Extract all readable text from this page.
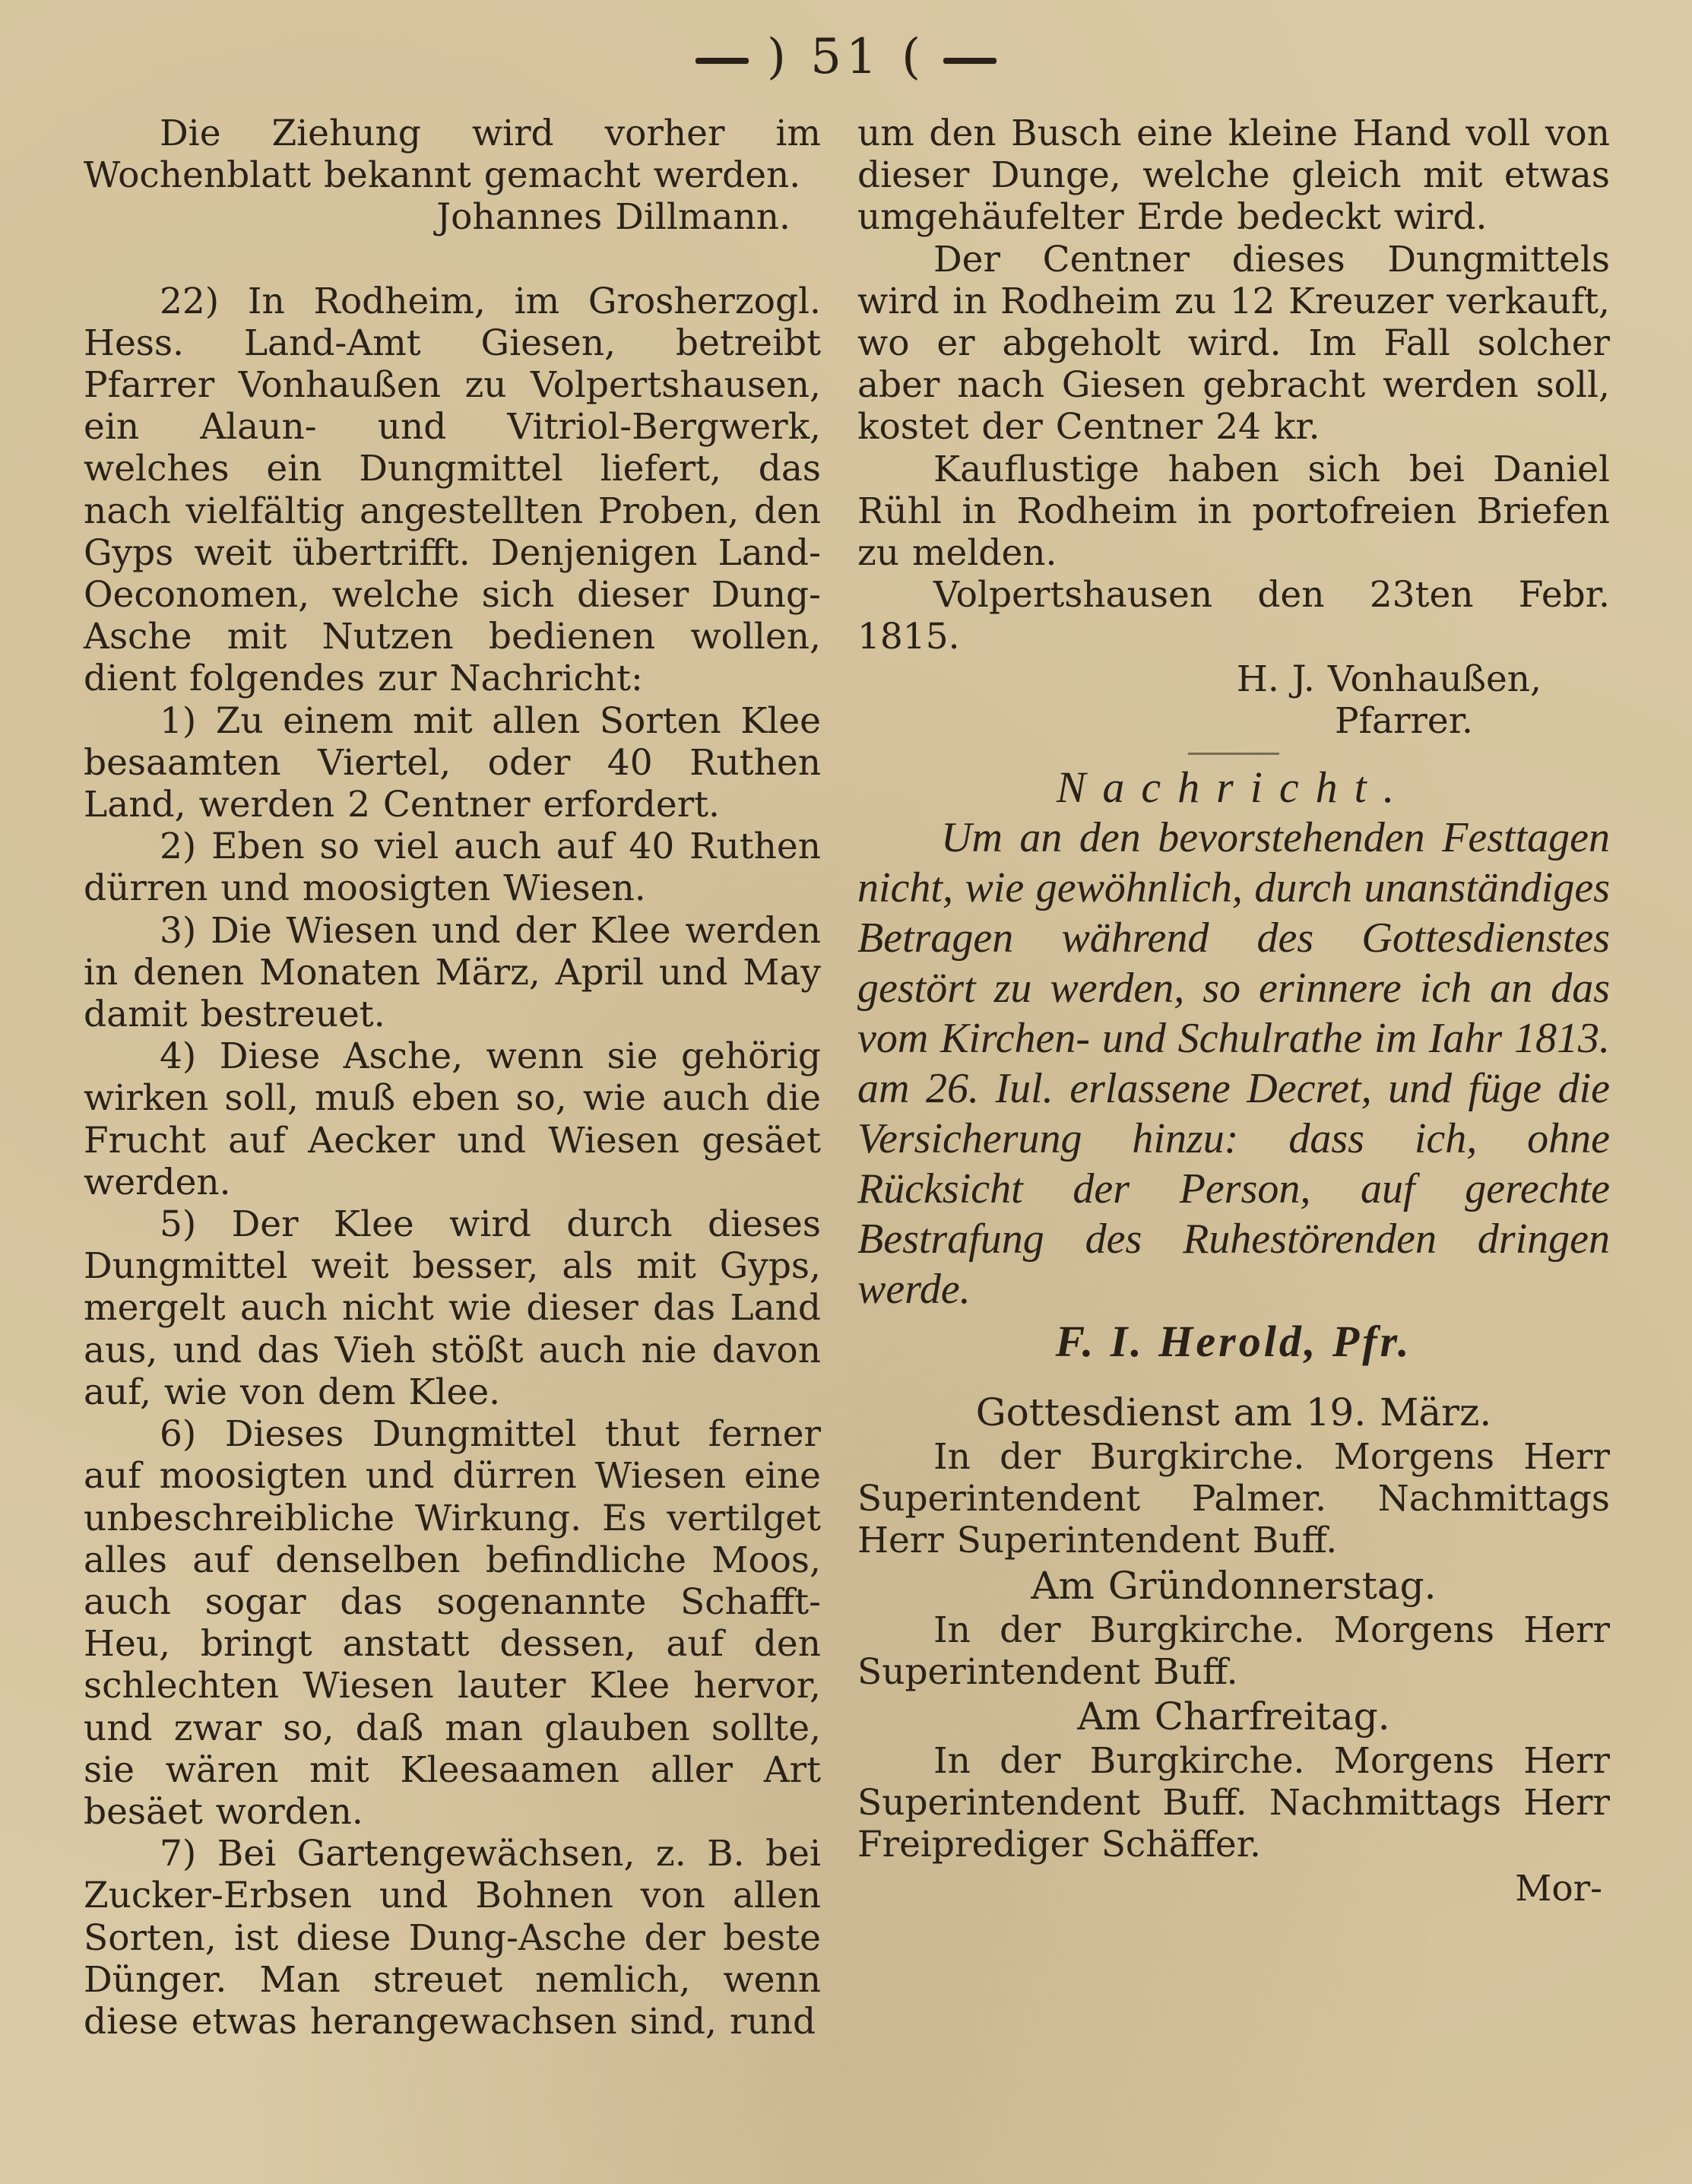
) 51 (

Die Ziehung wird vorher im Wochenblatt bekannt gemacht werden.

Johannes Dillmann.

22) In Rodheim, im Grosherzogl. Hess. Land-Amt Giesen, betreibt Pfarrer Vonhaußen zu Volpertshausen, ein Alaun- und Vitriol-Bergwerk, welches ein Dungmittel liefert, das nach vielfältig angestellten Proben, den Gyps weit übertrifft. Denjenigen Land-Oeconomen, welche sich dieser Dung-Asche mit Nutzen bedienen wollen, dient folgendes zur Nachricht:

1) Zu einem mit allen Sorten Klee besaamten Viertel, oder 40 Ruthen Land, werden 2 Centner erfordert.

2) Eben so viel auch auf 40 Ruthen dürren und moosigten Wiesen.

3) Die Wiesen und der Klee werden in denen Monaten März, April und May damit bestreuet.

4) Diese Asche, wenn sie gehörig wirken soll, muß eben so, wie auch die Frucht auf Aecker und Wiesen gesäet werden.

5) Der Klee wird durch dieses Dungmittel weit besser, als mit Gyps, mergelt auch nicht wie dieser das Land aus, und das Vieh stößt auch nie davon auf, wie von dem Klee.

6) Dieses Dungmittel thut ferner auf moosigten und dürren Wiesen eine unbeschreibliche Wirkung. Es vertilget alles auf denselben befindliche Moos, auch sogar das sogenannte Schafft-Heu, bringt anstatt dessen, auf den schlechten Wiesen lauter Klee hervor, und zwar so, daß man glauben sollte, sie wären mit Kleesaamen aller Art besäet worden.

7) Bei Gartengewächsen, z. B. bei Zucker-Erbsen und Bohnen von allen Sorten, ist diese Dung-Asche der beste Dünger. Man streuet nemlich, wenn diese etwas herangewachsen sind, rund

um den Busch eine kleine Hand voll von dieser Dunge, welche gleich mit etwas umgehäufelter Erde bedeckt wird.

Der Centner dieses Dungmittels wird in Rodheim zu 12 Kreuzer verkauft, wo er abgeholt wird. Im Fall solcher aber nach Giesen gebracht werden soll, kostet der Centner 24 kr.

Kauflustige haben sich bei Daniel Rühl in Rodheim in portofreien Briefen zu melden.

Volpertshausen den 23ten Febr. 1815.

H. J. Vonhaußen,
Pfarrer.
Nachricht.

Um an den bevorstehenden Festtagen nicht, wie gewöhnlich, durch unanständiges Betragen während des Gottesdienstes gestört zu werden, so erinnere ich an das vom Kirchen- und Schulrathe im Iahr 1813. am 26. Iul. erlassene Decret, und füge die Versicherung hinzu: dass ich, ohne Rücksicht der Person, auf gerechte Bestrafung des Ruhestörenden dringen werde.

F. I. Herold, Pfr.
Gottesdienst am 19. März.

In der Burgkirche. Morgens Herr Superintendent Palmer. Nachmittags Herr Superintendent Buff.

Am Gründonnerstag.

In der Burgkirche. Morgens Herr Superintendent Buff.

Am Charfreitag.

In der Burgkirche. Morgens Herr Superintendent Buff. Nachmittags Herr Freiprediger Schäffer.

Mor-
